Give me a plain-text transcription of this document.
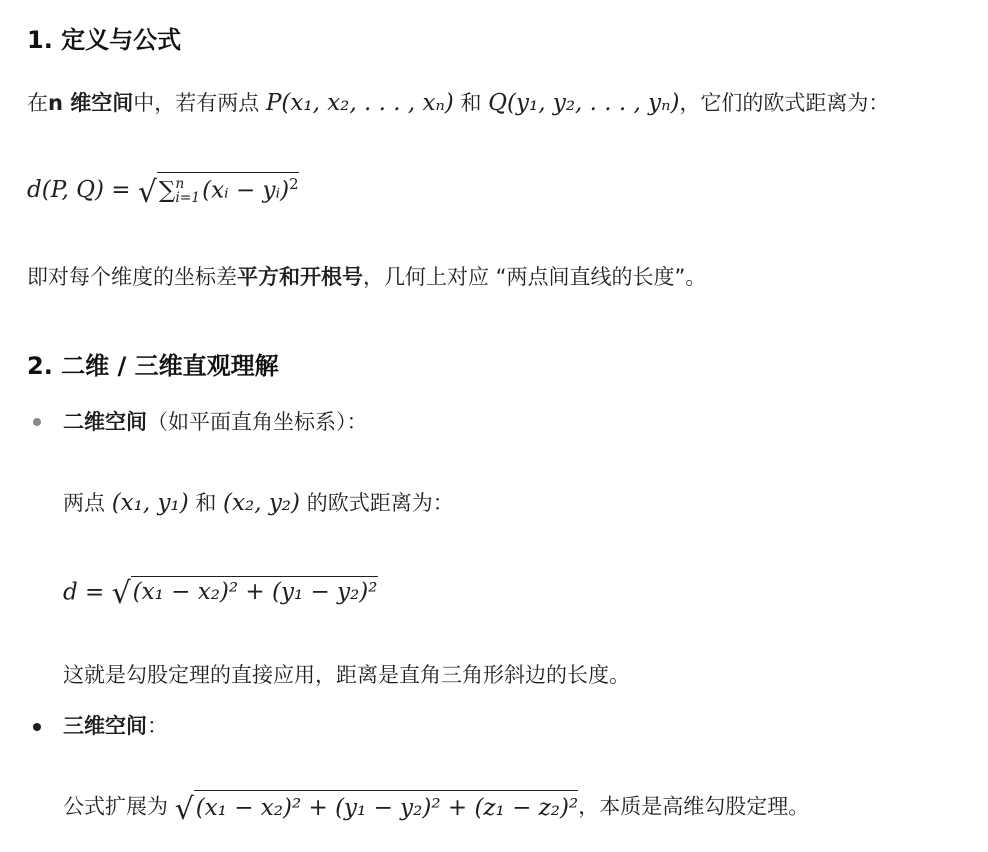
1. 定义与公式
在n 维空间中，若有两点 P(x₁, x₂, . . . , xₙ) 和 Q(y₁, y₂, . . . , yₙ)，它们的欧式距离为：
d(P, Q) = √∑ n
i=1 (xᵢ − yᵢ)$^2$
即对每个维度的坐标差平方和开根号，几何上对应 “两点间直线的长度”。
2. 二维 / 三维直观理解
二维空间（如平面直角坐标系）：
两点 (x₁, y₁) 和 (x₂, y₂) 的欧式距离为：
d = √(x₁ − x₂)² + (y₁ − y₂)²
这就是勾股定理的直接应用，距离是直角三角形斜边的长度。
三维空间：
公式扩展为 √(x₁ − x₂)² + (y₁ − y₂)² + (z₁ − z₂)²，本质是高维勾股定理。
